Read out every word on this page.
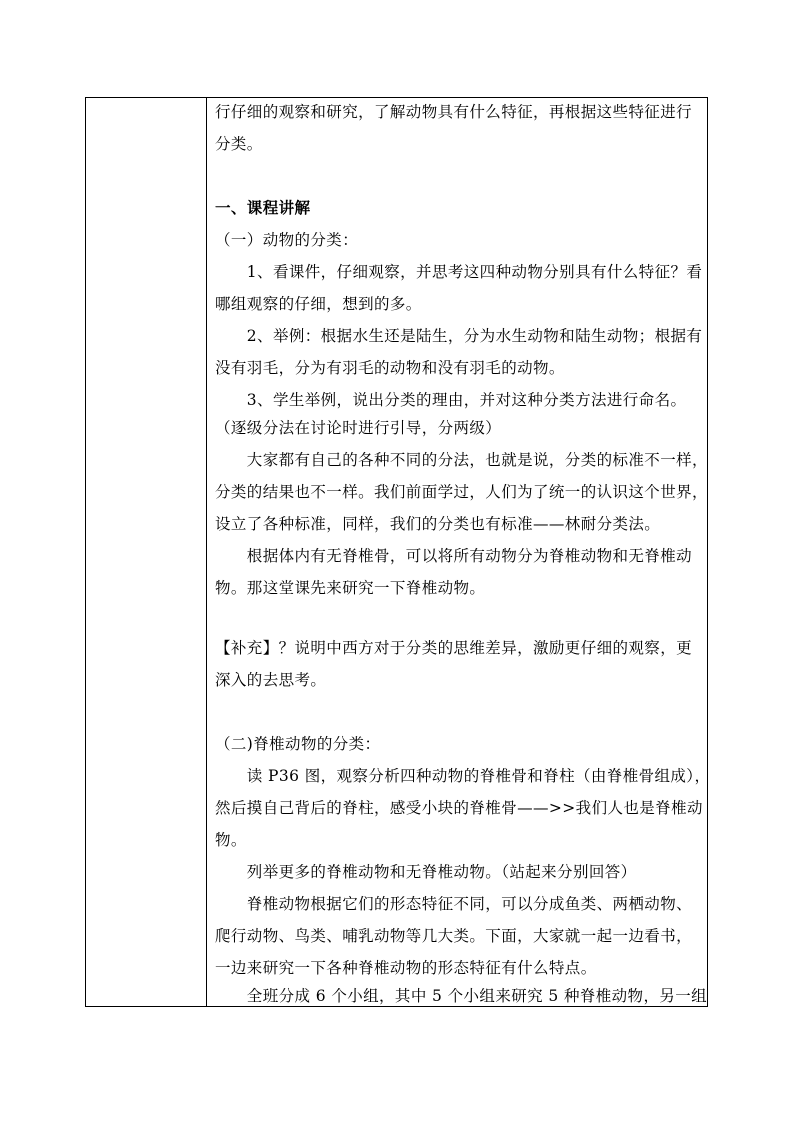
行仔细的观察和研究，了解动物具有什么特征，再根据这些特征进行
分类。
一、课程讲解
（一）动物的分类：
　　1、看课件，仔细观察，并思考这四种动物分别具有什么特征？看
哪组观察的仔细，想到的多。
　　2、举例：根据水生还是陆生，分为水生动物和陆生动物；根据有
没有羽毛，分为有羽毛的动物和没有羽毛的动物。
　　3、学生举例，说出分类的理由，并对这种分类方法进行命名。
（逐级分法在讨论时进行引导，分两级）
　　大家都有自己的各种不同的分法，也就是说，分类的标准不一样，
分类的结果也不一样。我们前面学过，人们为了统一的认识这个世界，
设立了各种标准，同样，我们的分类也有标准——林耐分类法。
　　根据体内有无脊椎骨，可以将所有动物分为脊椎动物和无脊椎动
物。那这堂课先来研究一下脊椎动物。
【补充】？说明中西方对于分类的思维差异，激励更仔细的观察，更
深入的去思考。
（二)脊椎动物的分类：
　　读 P36 图，观察分析四种动物的脊椎骨和脊柱（由脊椎骨组成），
然后摸自己背后的脊柱，感受小块的脊椎骨——>>我们人也是脊椎动
物。
　　列举更多的脊椎动物和无脊椎动物。（站起来分别回答）
　　脊椎动物根据它们的形态特征不同，可以分成鱼类、两栖动物、
爬行动物、鸟类、哺乳动物等几大类。下面，大家就一起一边看书，
一边来研究一下各种脊椎动物的形态特征有什么特点。
　　全班分成 6 个小组，其中 5 个小组来研究 5 种脊椎动物，另一组
